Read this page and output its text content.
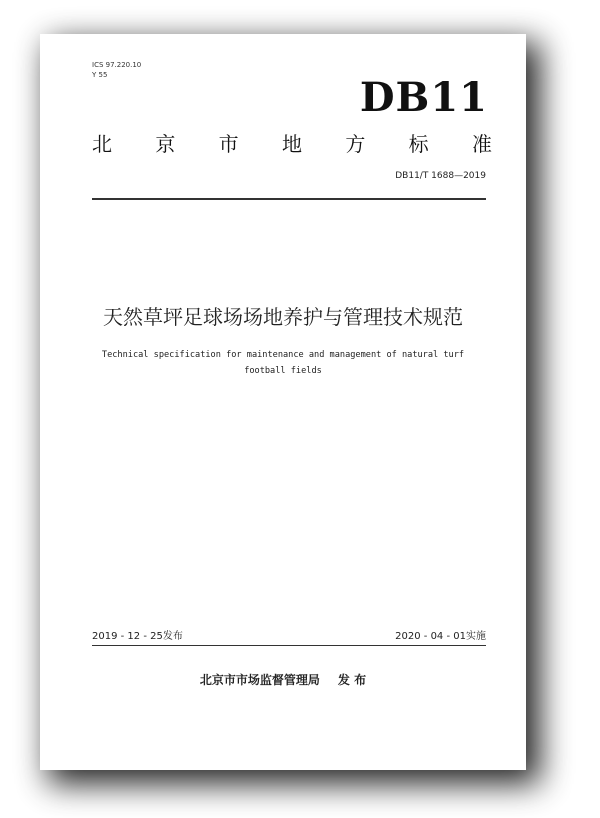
ICS 97.220.10
Y 55	DB11
北 京 市 地 方 标 准
DB11/T 1688—2019
天然草坪足球场场地养护与管理技术规范
Technical specification for maintenance and management of natural turf
football fields
2019 - 12 - 25发布	2020 - 04 - 01实施
北京市市场监督管理局 发 布
